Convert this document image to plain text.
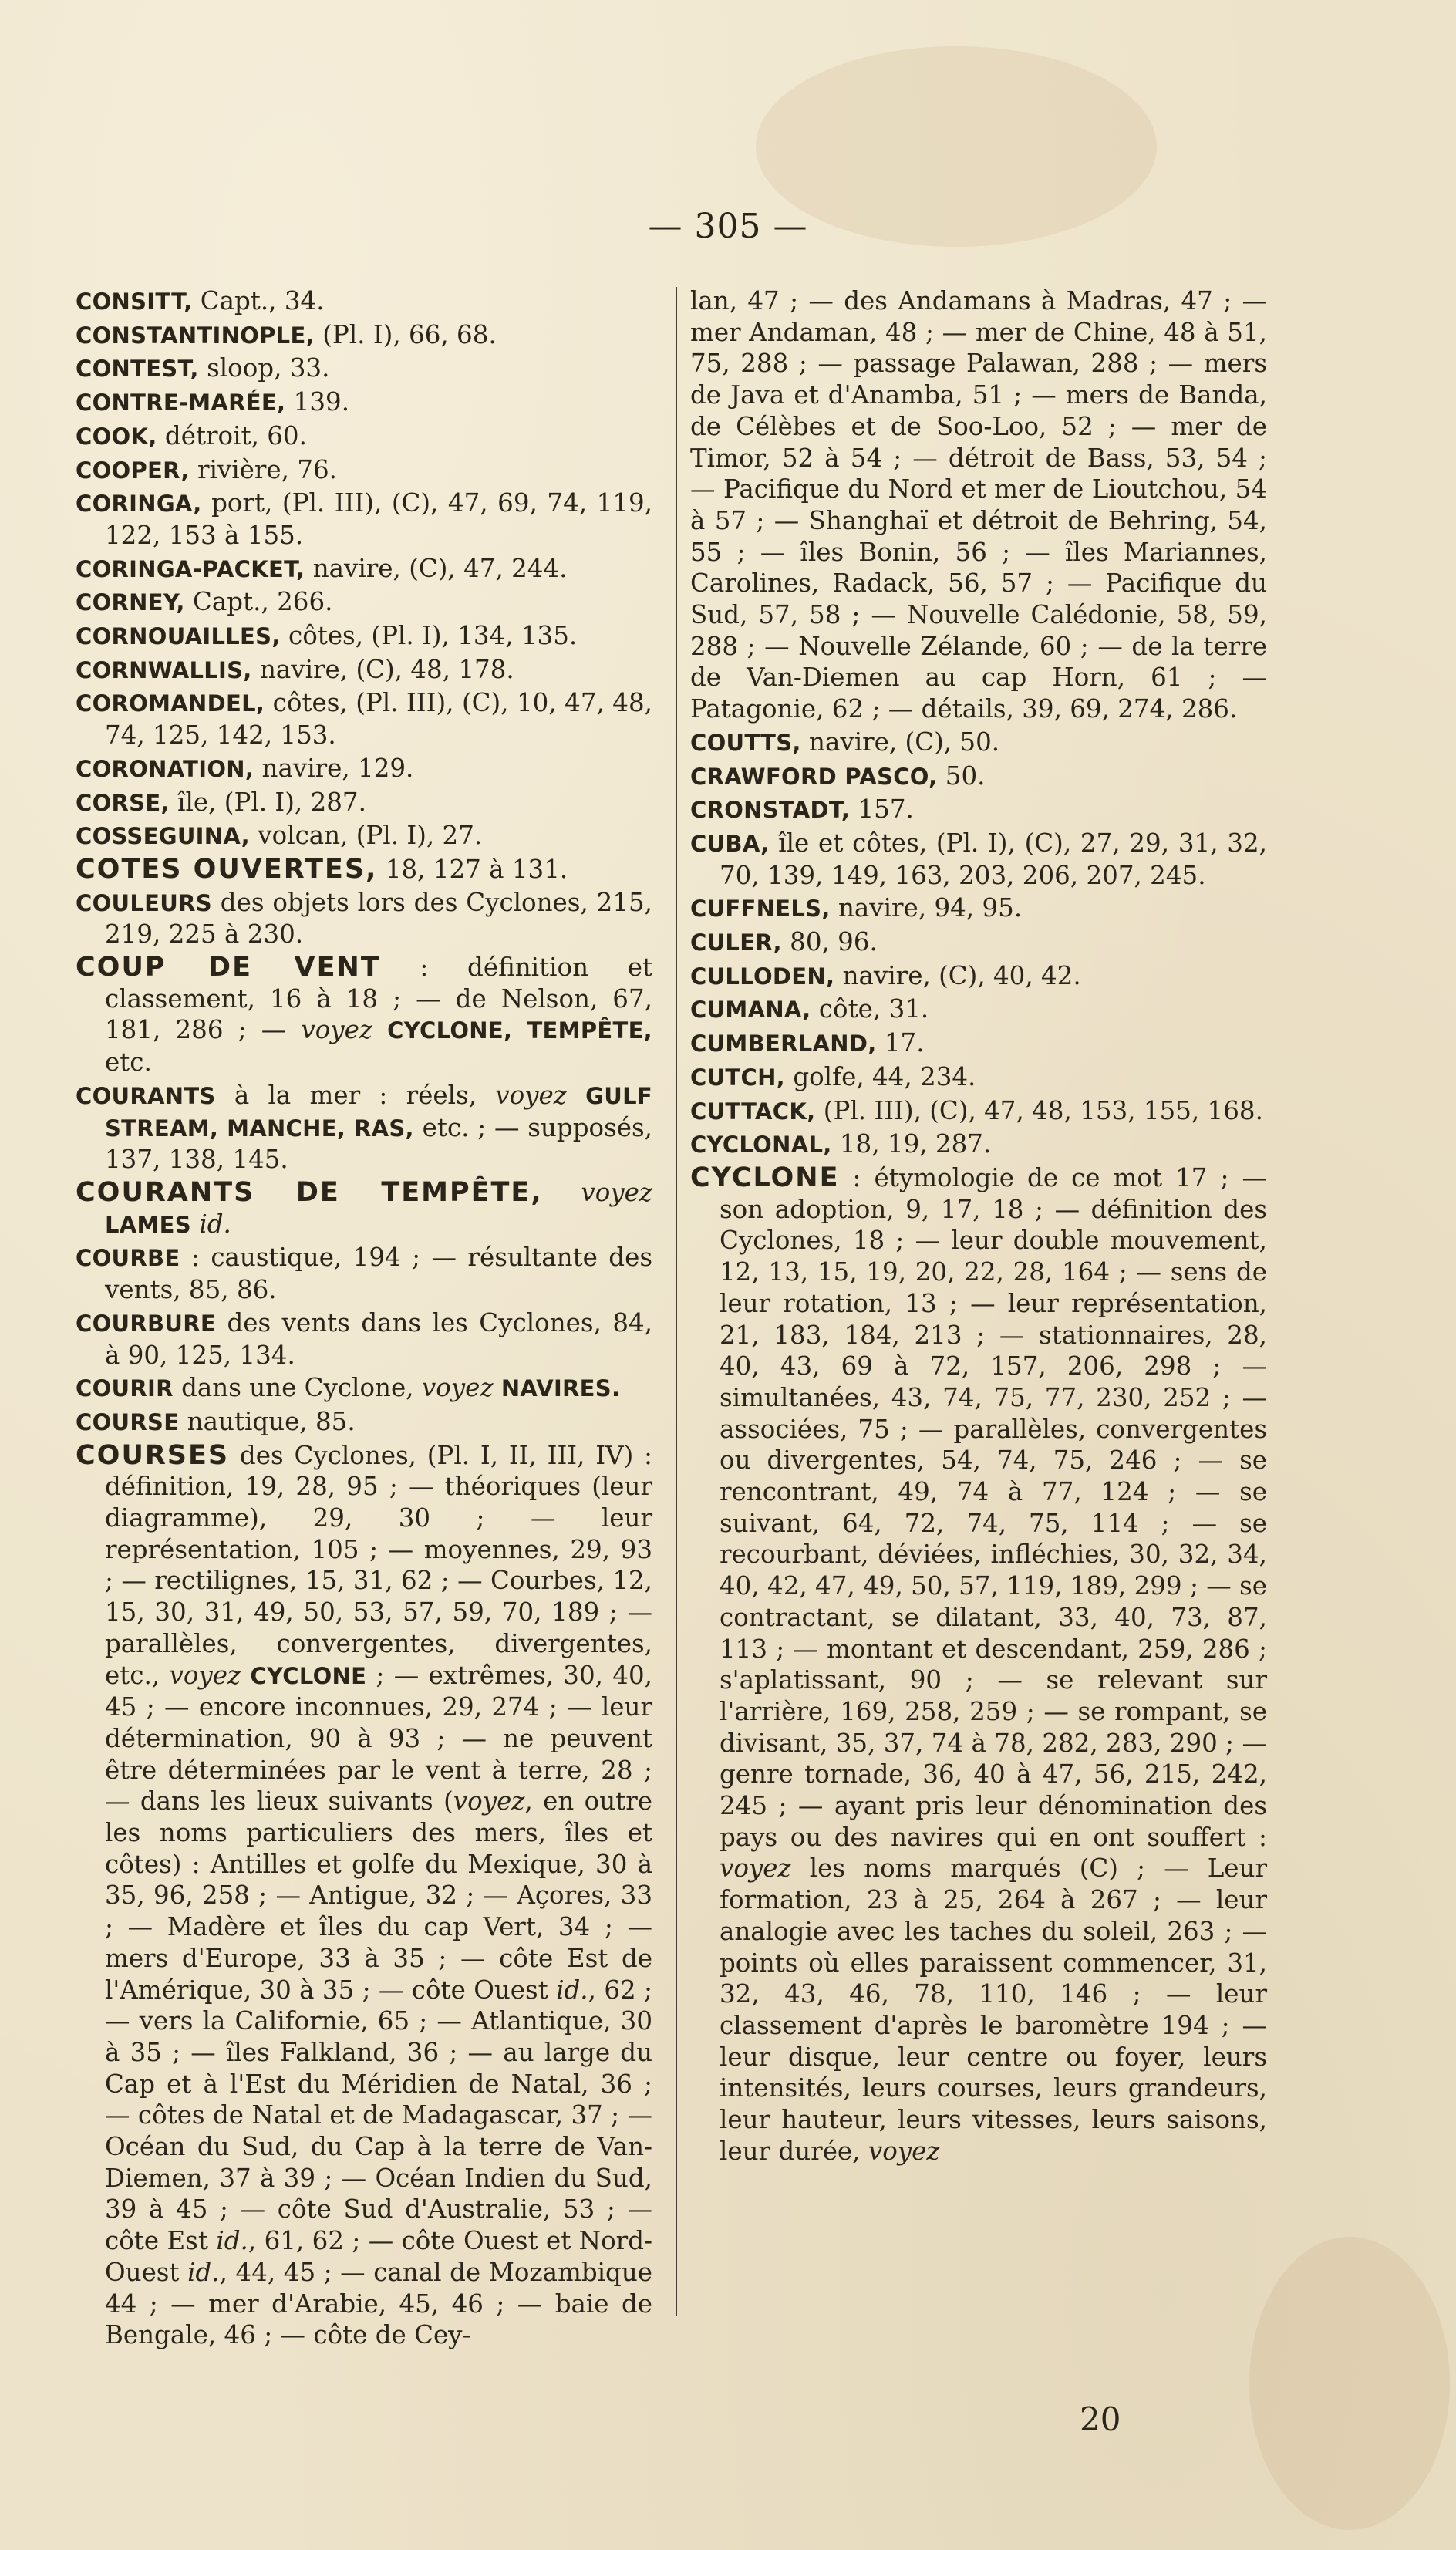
— 305 —

CONSITT, Capt., 34.

CONSTANTINOPLE, (Pl. I), 66, 68.

CONTEST, sloop, 33.

CONTRE-MARÉE, 139.

COOK, détroit, 60.

COOPER, rivière, 76.

CORINGA, port, (Pl. III), (C), 47, 69, 74, 119, 122, 153 à 155.

CORINGA-PACKET, navire, (C), 47, 244.

CORNEY, Capt., 266.

CORNOUAILLES, côtes, (Pl. I), 134, 135.

CORNWALLIS, navire, (C), 48, 178.

COROMANDEL, côtes, (Pl. III), (C), 10, 47, 48, 74, 125, 142, 153.

CORONATION, navire, 129.

CORSE, île, (Pl. I), 287.

COSSEGUINA, volcan, (Pl. I), 27.

COTES OUVERTES, 18, 127 à 131.

COULEURS des objets lors des Cyclones, 215, 219, 225 à 230.

COUP DE VENT : définition et classement, 16 à 18 ; — de Nelson, 67, 181, 286 ; — voyez CYCLONE, TEMPÊTE, etc.

COURANTS à la mer : réels, voyez GULF STREAM, MANCHE, RAS, etc. ; — supposés, 137, 138, 145.

COURANTS DE TEMPÊTE, voyez LAMES id.

COURBE : caustique, 194 ; — résultante des vents, 85, 86.

COURBURE des vents dans les Cyclones, 84, à 90, 125, 134.

COURIR dans une Cyclone, voyez NAVIRES.

COURSE nautique, 85.

COURSES des Cyclones, (Pl. I, II, III, IV) : définition, 19, 28, 95 ; — théoriques (leur diagramme), 29, 30 ; — leur représentation, 105 ; — moyennes, 29, 93 ; — rectilignes, 15, 31, 62 ; — Courbes, 12, 15, 30, 31, 49, 50, 53, 57, 59, 70, 189 ; — parallèles, convergentes, divergentes, etc., voyez CYCLONE ; — extrêmes, 30, 40, 45 ; — encore inconnues, 29, 274 ; — leur détermination, 90 à 93 ; — ne peuvent être déterminées par le vent à terre, 28 ; — dans les lieux suivants (voyez, en outre les noms particuliers des mers, îles et côtes) : Antilles et golfe du Mexique, 30 à 35, 96, 258 ; — Antigue, 32 ; — Açores, 33 ; — Madère et îles du cap Vert, 34 ; — mers d'Europe, 33 à 35 ; — côte Est de l'Amérique, 30 à 35 ; — côte Ouest id., 62 ; — vers la Californie, 65 ; — Atlantique, 30 à 35 ; — îles Falkland, 36 ; — au large du Cap et à l'Est du Méridien de Natal, 36 ; — côtes de Natal et de Madagascar, 37 ; — Océan du Sud, du Cap à la terre de Van-Diemen, 37 à 39 ; — Océan Indien du Sud, 39 à 45 ; — côte Sud d'Australie, 53 ; — côte Est id., 61, 62 ; — côte Ouest et Nord-Ouest id., 44, 45 ; — canal de Mozambique 44 ; — mer d'Arabie, 45, 46 ; — baie de Bengale, 46 ; — côte de Cey-

lan, 47 ; — des Andamans à Madras, 47 ; — mer Andaman, 48 ; — mer de Chine, 48 à 51, 75, 288 ; — passage Palawan, 288 ; — mers de Java et d'Anamba, 51 ; — mers de Banda, de Célèbes et de Soo-Loo, 52 ; — mer de Timor, 52 à 54 ; — détroit de Bass, 53, 54 ; — Pacifique du Nord et mer de Lioutchou, 54 à 57 ; — Shanghaï et détroit de Behring, 54, 55 ; — îles Bonin, 56 ; — îles Mariannes, Carolines, Radack, 56, 57 ; — Pacifique du Sud, 57, 58 ; — Nouvelle Calédonie, 58, 59, 288 ; — Nouvelle Zélande, 60 ; — de la terre de Van-Diemen au cap Horn, 61 ; — Patagonie, 62 ; — détails, 39, 69, 274, 286.

COUTTS, navire, (C), 50.

CRAWFORD PASCO, 50.

CRONSTADT, 157.

CUBA, île et côtes, (Pl. I), (C), 27, 29, 31, 32, 70, 139, 149, 163, 203, 206, 207, 245.

CUFFNELS, navire, 94, 95.

CULER, 80, 96.

CULLODEN, navire, (C), 40, 42.

CUMANA, côte, 31.

CUMBERLAND, 17.

CUTCH, golfe, 44, 234.

CUTTACK, (Pl. III), (C), 47, 48, 153, 155, 168.

CYCLONAL, 18, 19, 287.

CYCLONE : étymologie de ce mot 17 ; — son adoption, 9, 17, 18 ; — définition des Cyclones, 18 ; — leur double mouvement, 12, 13, 15, 19, 20, 22, 28, 164 ; — sens de leur rotation, 13 ; — leur représentation, 21, 183, 184, 213 ; — stationnaires, 28, 40, 43, 69 à 72, 157, 206, 298 ; — simultanées, 43, 74, 75, 77, 230, 252 ; — associées, 75 ; — parallèles, convergentes ou divergentes, 54, 74, 75, 246 ; — se rencontrant, 49, 74 à 77, 124 ; — se suivant, 64, 72, 74, 75, 114 ; — se recourbant, déviées, infléchies, 30, 32, 34, 40, 42, 47, 49, 50, 57, 119, 189, 299 ; — se contractant, se dilatant, 33, 40, 73, 87, 113 ; — montant et descendant, 259, 286 ; s'aplatissant, 90 ; — se relevant sur l'arrière, 169, 258, 259 ; — se rompant, se divisant, 35, 37, 74 à 78, 282, 283, 290 ; — genre tornade, 36, 40 à 47, 56, 215, 242, 245 ; — ayant pris leur dénomination des pays ou des navires qui en ont souffert : voyez les noms marqués (C) ; — Leur formation, 23 à 25, 264 à 267 ; — leur analogie avec les taches du soleil, 263 ; — points où elles paraissent commencer, 31, 32, 43, 46, 78, 110, 146 ; — leur classement d'après le baromètre 194 ; — leur disque, leur centre ou foyer, leurs intensités, leurs courses, leurs grandeurs, leur hauteur, leurs vitesses, leurs saisons, leur durée, voyez

20
